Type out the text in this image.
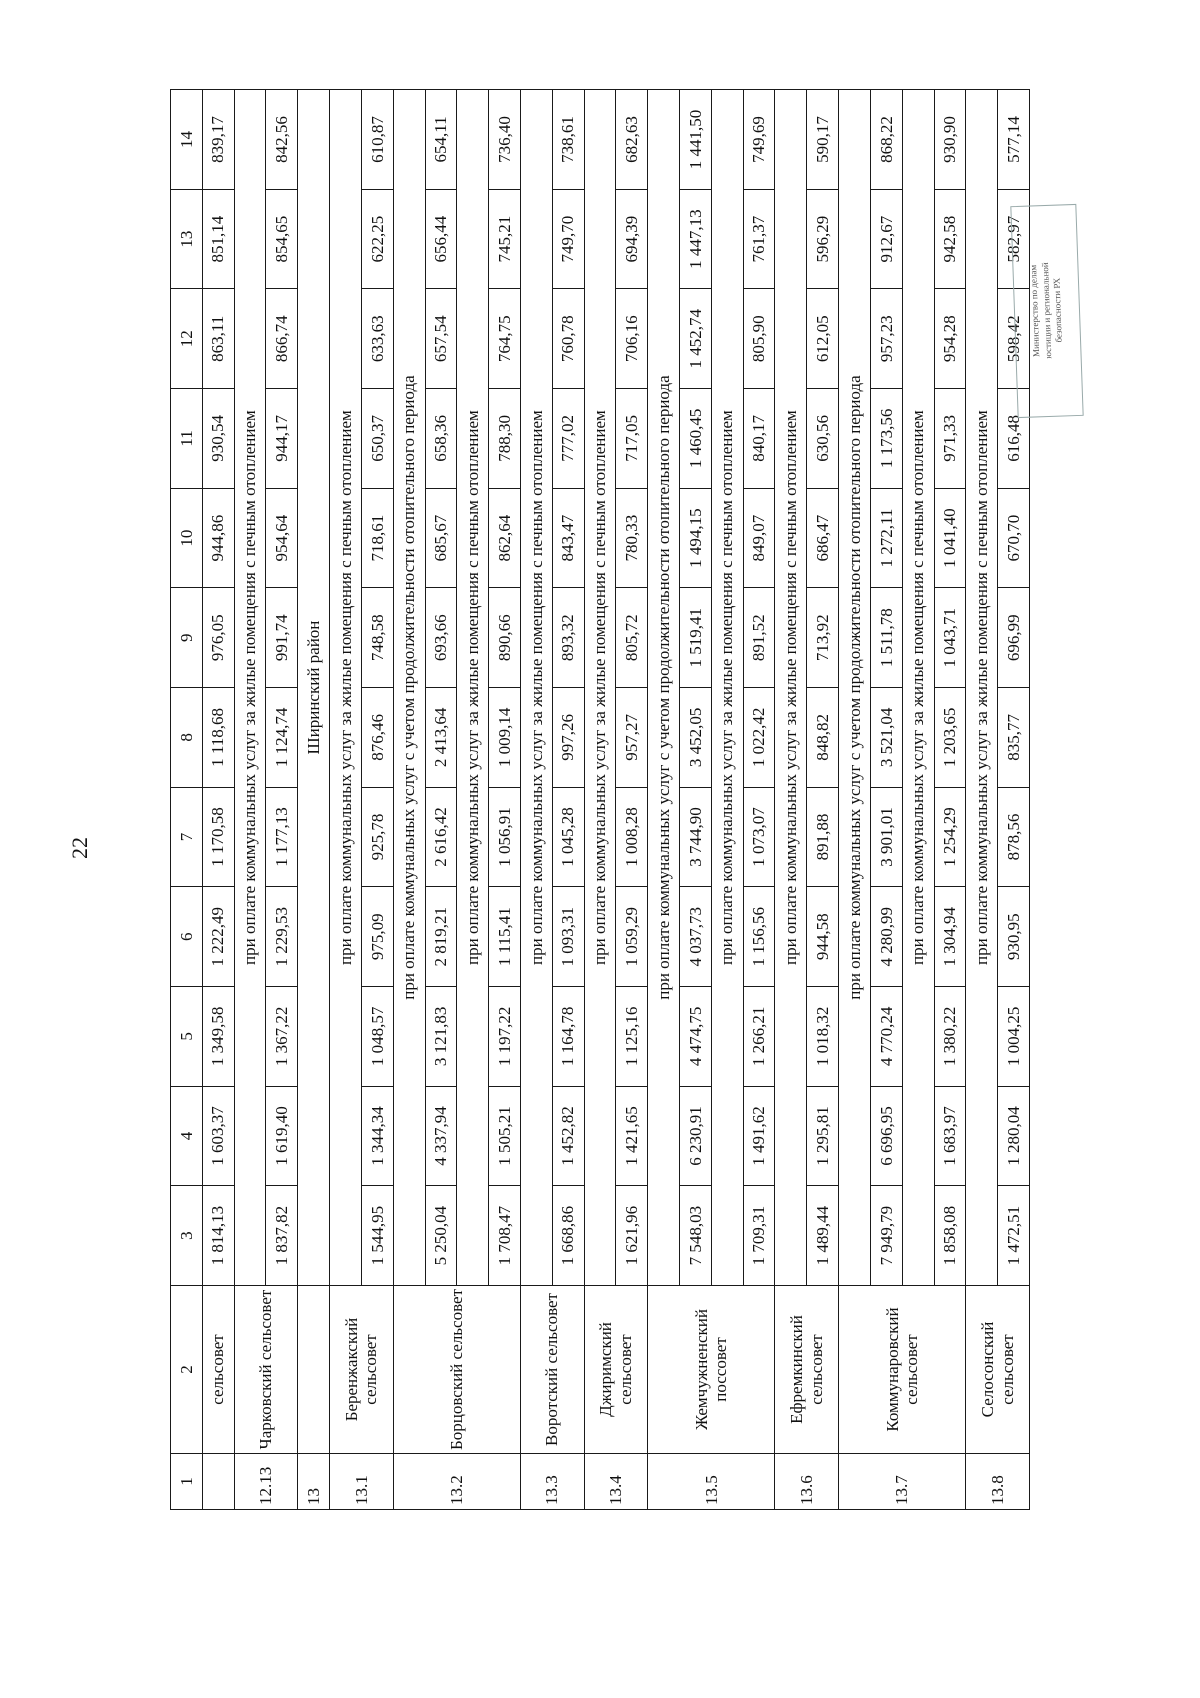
22
1	2	3	4	5	6	7	8	9	10	11	12	13	14
	сельсовет	1 814,13	1 603,37	1 349,58	1 222,49	1 170,58	1 118,68	976,05	944,86	930,54	863,11	851,14	839,17
12.13	Чарковский сельсовет	при оплате коммунальных услуг за жилые помещения с печным отоплением											
		1 837,82	1 619,40	1 367,22	1 229,53	1 177,13	1 124,74	991,74	954,64	944,17	866,74	854,65	842,56
13		Ширинский район											
13.1	Беренжакский сельсовет	при оплате коммунальных услуг за жилые помещения с печным отоплением											
		1 544,95	1 344,34	1 048,57	975,09	925,78	876,46	748,58	718,61	650,37	633,63	622,25	610,87
13.2	Борцовский сельсовет	при оплате коммунальных услуг с учетом продолжительности отопительного периода											
		5 250,04	4 337,94	3 121,83	2 819,21	2 616,42	2 413,64	693,66	685,67	658,36	657,54	656,44	654,11
		при оплате коммунальных услуг за жилые помещения с печным отоплением											
		1 708,47	1 505,21	1 197,22	1 115,41	1 056,91	1 009,14	890,66	862,64	788,30	764,75	745,21	736,40
13.3	Воротский сельсовет	при оплате коммунальных услуг за жилые помещения с печным отоплением											
		1 668,86	1 452,82	1 164,78	1 093,31	1 045,28	997,26	893,32	843,47	777,02	760,78	749,70	738,61
13.4	Джиримский сельсовет	при оплате коммунальных услуг за жилые помещения с печным отоплением											
		1 621,96	1 421,65	1 125,16	1 059,29	1 008,28	957,27	805,72	780,33	717,05	706,16	694,39	682,63
13.5	Жемчужненский поссовет	при оплате коммунальных услуг с учетом продолжительности отопительного периода											
		7 548,03	6 230,91	4 474,75	4 037,73	3 744,90	3 452,05	1 519,41	1 494,15	1 460,45	1 452,74	1 447,13	1 441,50
		при оплате коммунальных услуг за жилые помещения с печным отоплением											
		1 709,31	1 491,62	1 266,21	1 156,56	1 073,07	1 022,42	891,52	849,07	840,17	805,90	761,37	749,69
13.6	Ефремкинский сельсовет	при оплате коммунальных услуг за жилые помещения с печным отоплением											
		1 489,44	1 295,81	1 018,32	944,58	891,88	848,82	713,92	686,47	630,56	612,05	596,29	590,17
13.7	Коммунаровский сельсовет	при оплате коммунальных услуг с учетом продолжительности отопительного периода											
		7 949,79	6 696,95	4 770,24	4 280,99	3 901,01	3 521,04	1 511,78	1 272,11	1 173,56	957,23	912,67	868,22
		при оплате коммунальных услуг за жилые помещения с печным отоплением											
		1 858,08	1 683,97	1 380,22	1 304,94	1 254,29	1 203,65	1 043,71	1 041,40	971,33	954,28	942,58	930,90
13.8	Селосонский сельсовет	при оплате коммунальных услуг за жилые помещения с печным отоплением											
		1 472,51	1 280,04	1 004,25	930,95	878,56	835,77	696,99	670,70	616,48	598,42	582,97	577,14
Министерство по делам
юстиции и региональной
безопасности РХ
